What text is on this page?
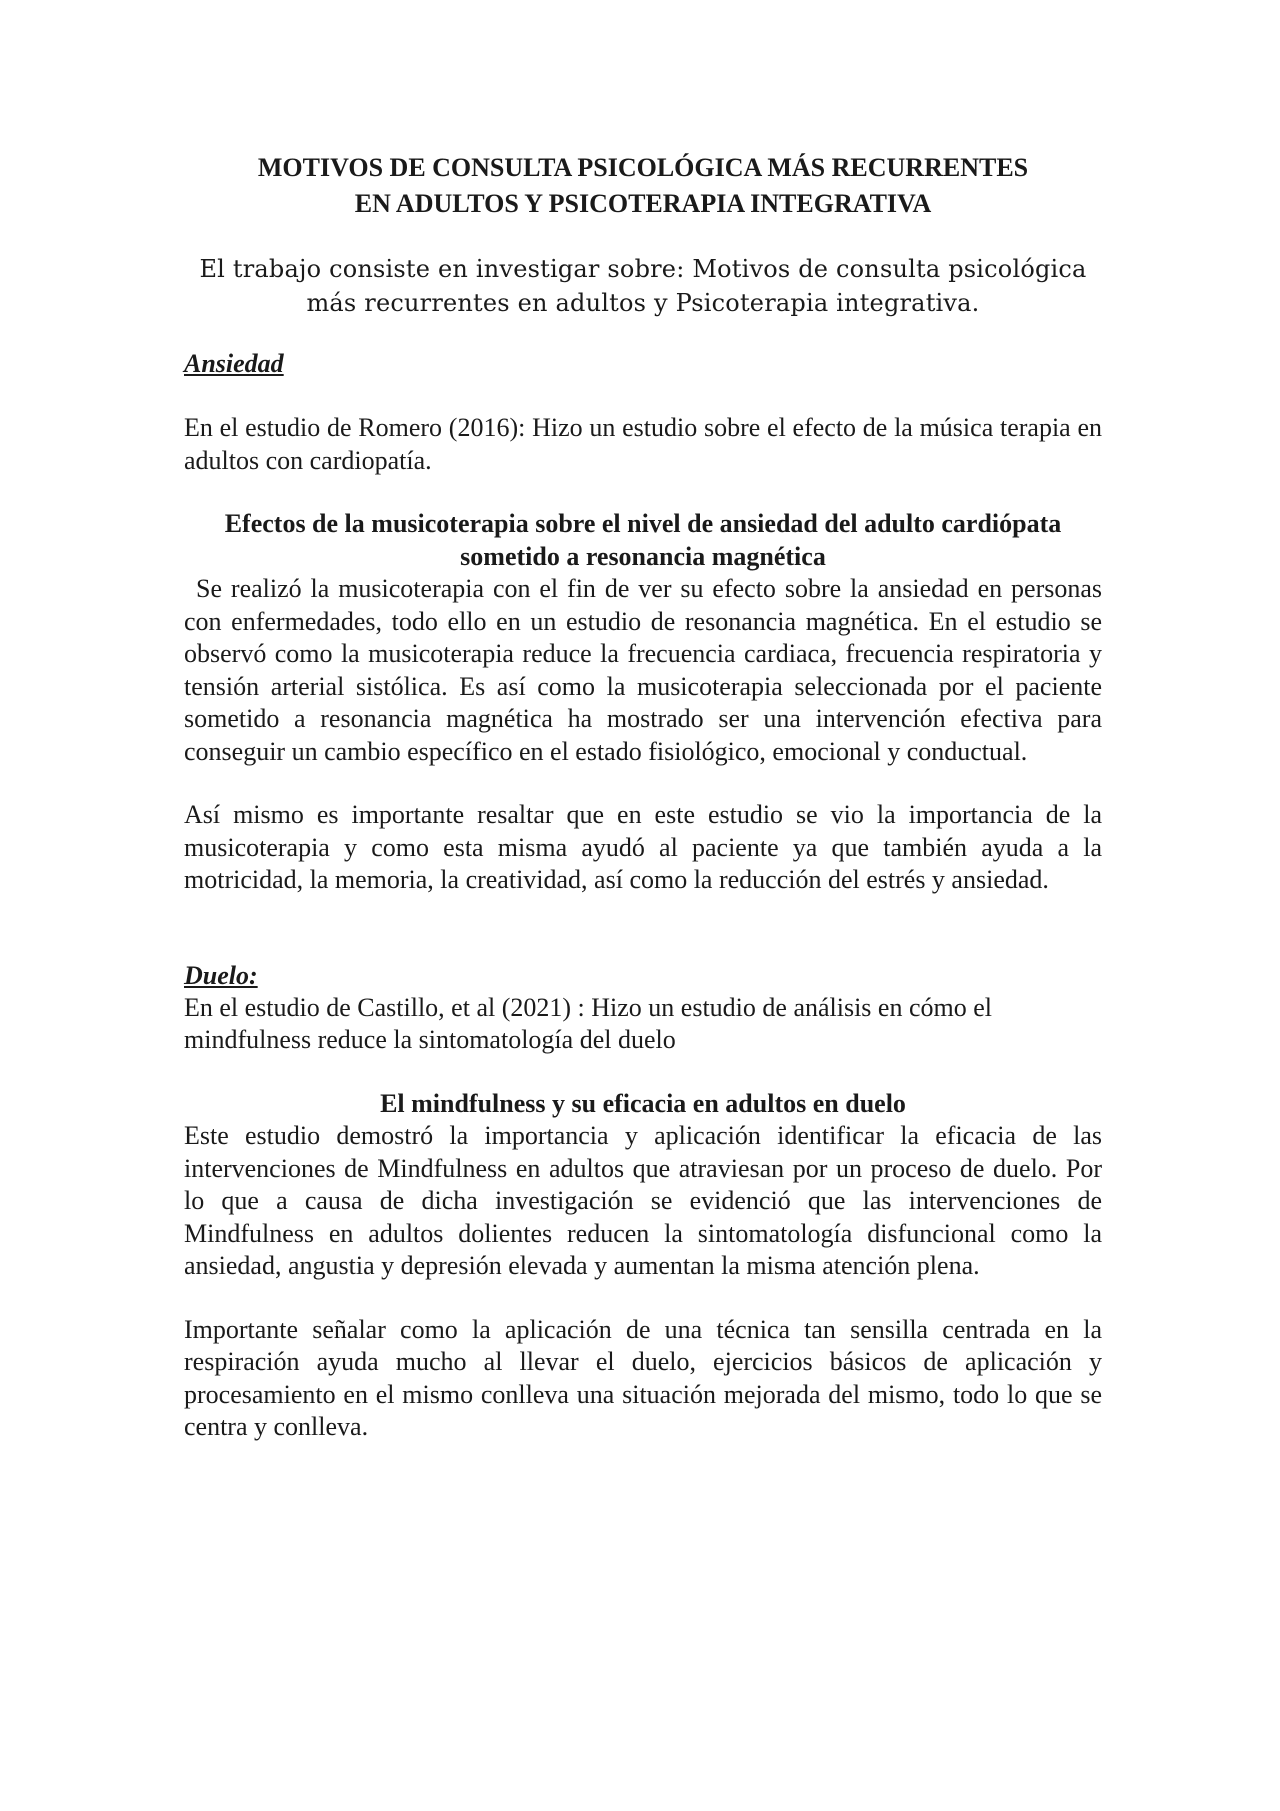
MOTIVOS DE CONSULTA PSICOLÓGICA MÁS RECURRENTES
EN ADULTOS Y PSICOTERAPIA INTEGRATIVA

El trabajo consiste en investigar sobre: Motivos de consulta psicológica
más recurrentes en adultos y Psicoterapia integrativa.

Ansiedad

En el estudio de Romero (2016): Hizo un estudio sobre el efecto de la música terapia en adultos con cardiopatía.

Efectos de la musicoterapia sobre el nivel de ansiedad del adulto cardiópata
sometido a resonancia magnética

Se realizó la musicoterapia con el fin de ver su efecto sobre la ansiedad en personas con enfermedades, todo ello en un estudio de resonancia magnética. En el estudio se observó como la musicoterapia reduce la frecuencia cardiaca, frecuencia respiratoria y tensión arterial sistólica. Es así como la musicoterapia seleccionada por el paciente sometido a resonancia magnética ha mostrado ser una intervención efectiva para conseguir un cambio específico en el estado fisiológico, emocional y conductual.

Así mismo es importante resaltar que en este estudio se vio la importancia de la musicoterapia y como esta misma ayudó al paciente ya que también ayuda a la motricidad, la memoria, la creatividad, así como la reducción del estrés y ansiedad.

Duelo:

En el estudio de Castillo, et al (2021) : Hizo un estudio de análisis en cómo el mindfulness reduce la sintomatología del duelo

El mindfulness y su eficacia en adultos en duelo

Este estudio demostró la importancia y aplicación identificar la eficacia de las intervenciones de Mindfulness en adultos que atraviesan por un proceso de duelo. Por lo que a causa de dicha investigación se evidenció que las intervenciones de Mindfulness en adultos dolientes reducen la sintomatología disfuncional como la ansiedad, angustia y depresión elevada y aumentan la misma atención plena.

Importante señalar como la aplicación de una técnica tan sensilla centrada en la respiración ayuda mucho al llevar el duelo, ejercicios básicos de aplicación y procesamiento en el mismo conlleva una situación mejorada del mismo, todo lo que se centra y conlleva.
